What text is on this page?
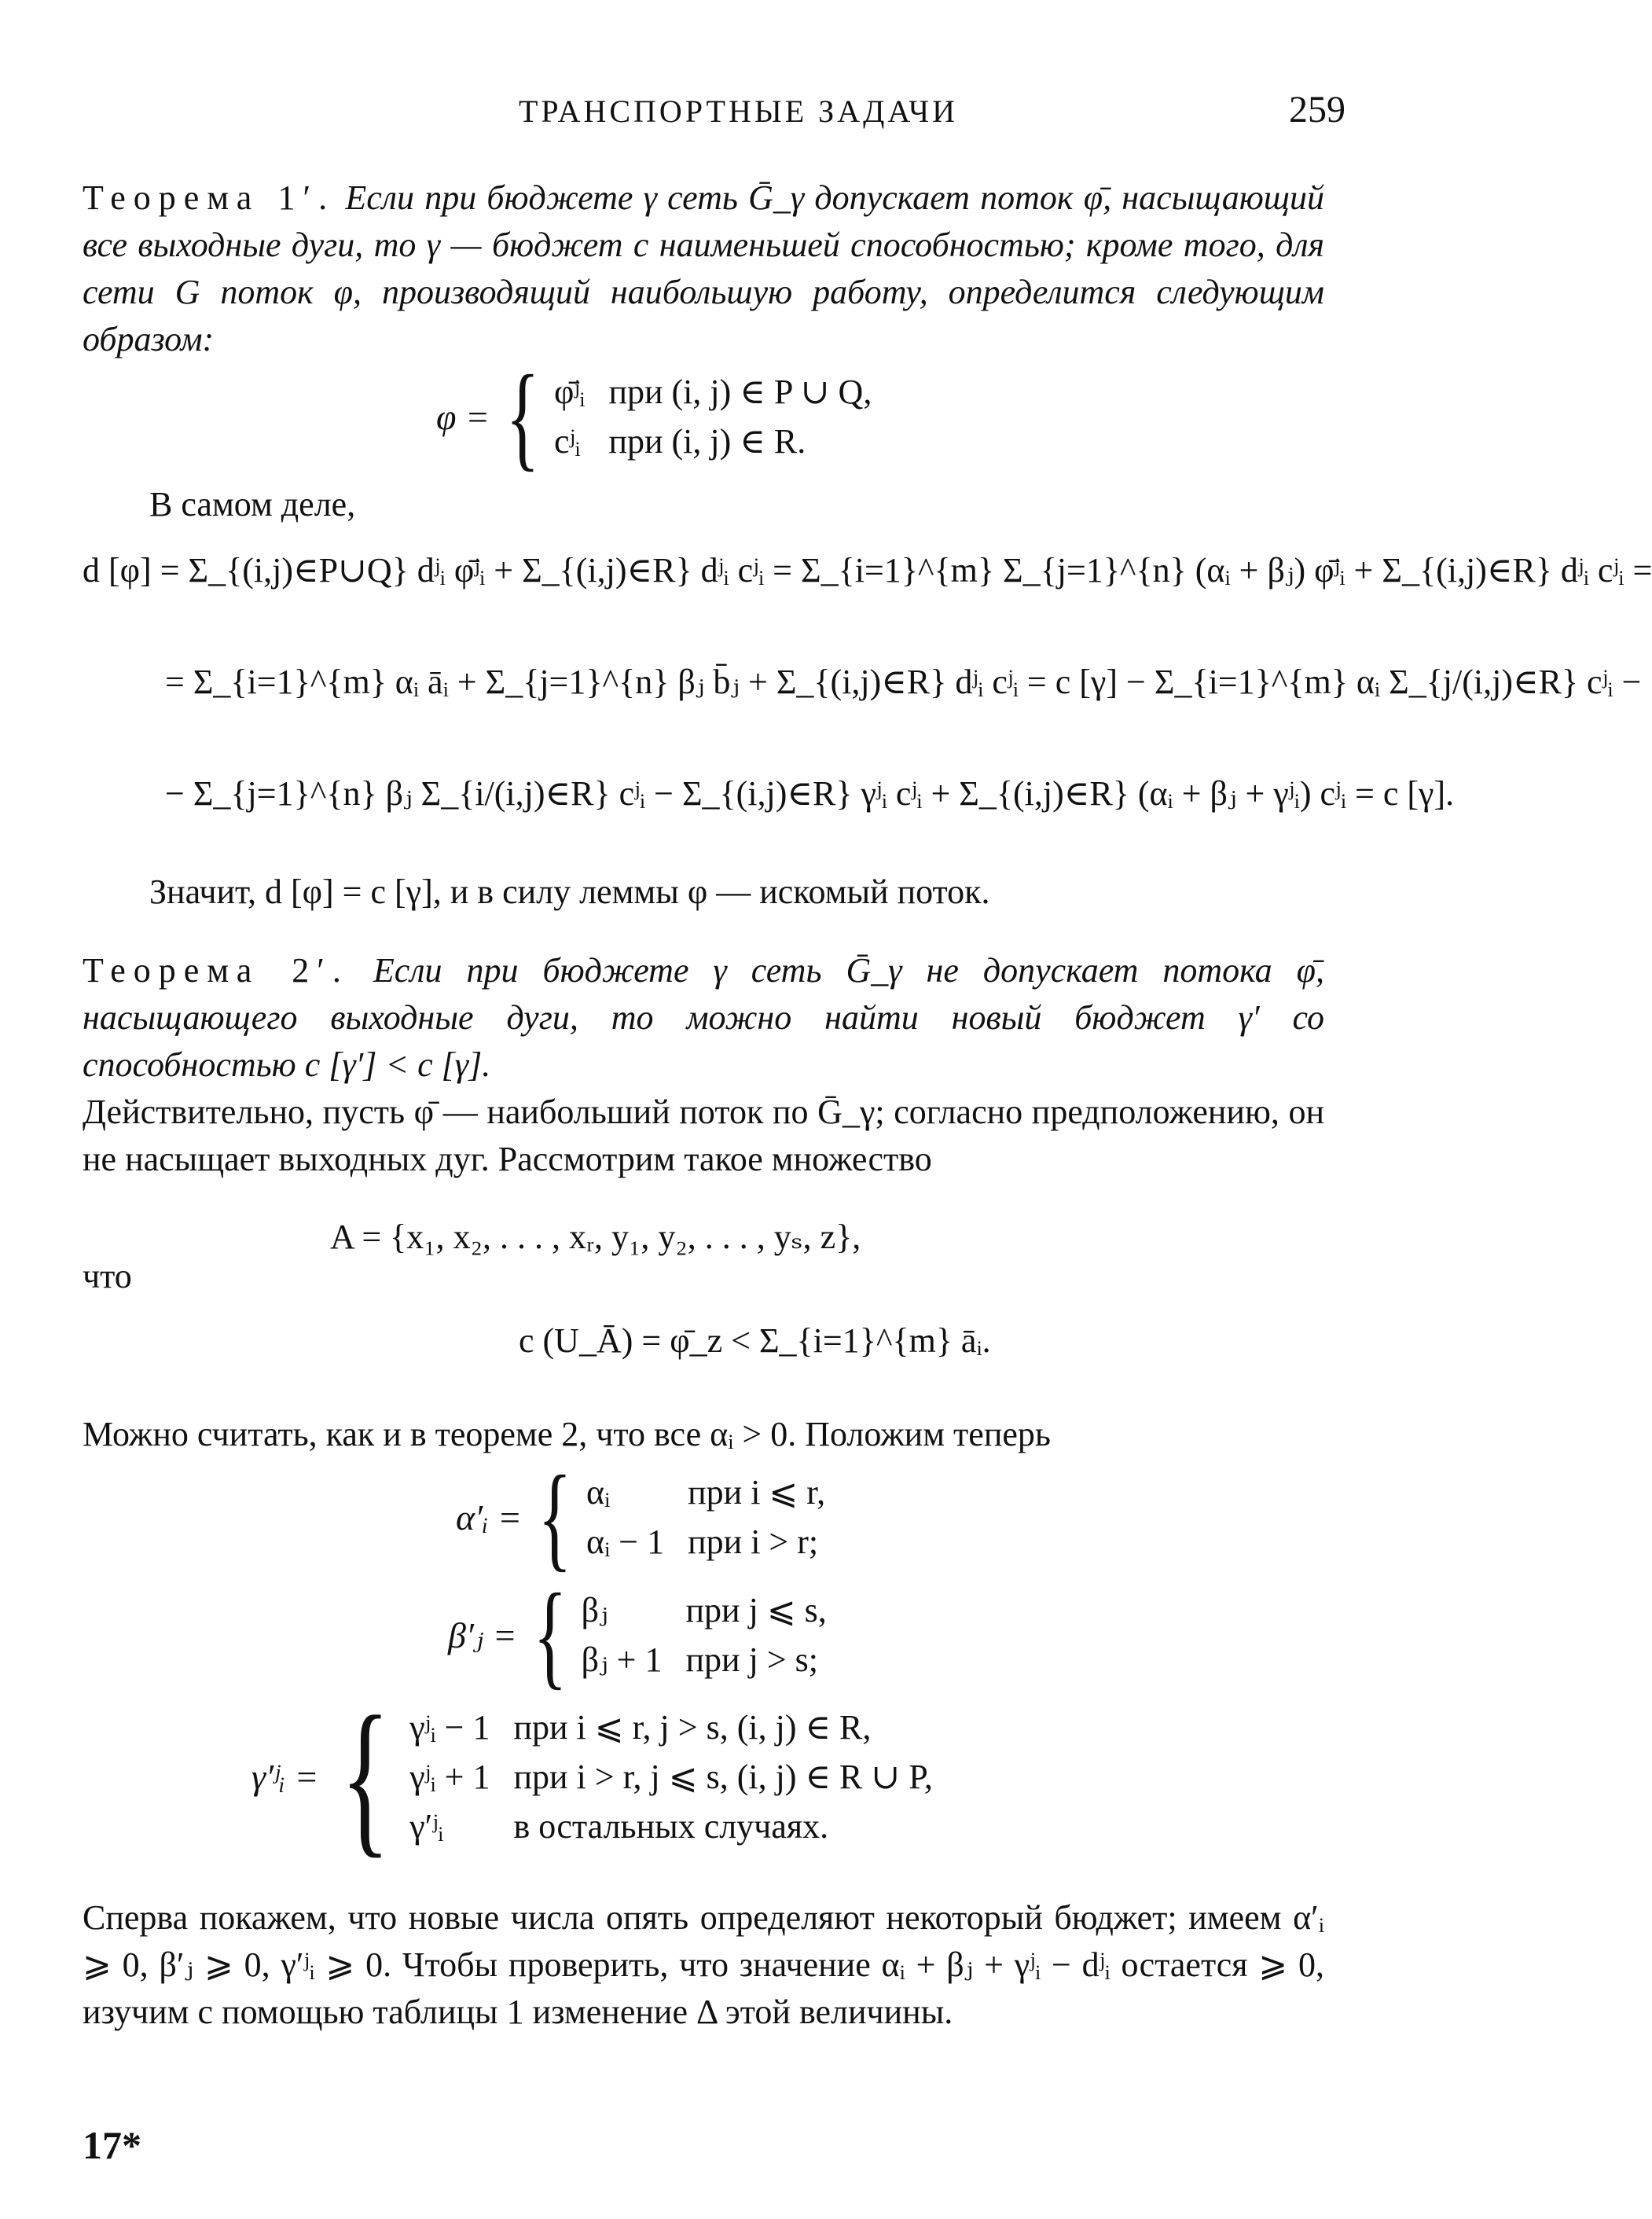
ТРАНСПОРТНЫЕ ЗАДАЧИ	259
Теорема 1′. Если при бюджете γ сеть Ḡ_γ допускает поток φ̄, насыщающий все выходные дуги, то γ — бюджет с наименьшей способностью; кроме того, для сети G поток φ, производящий наибольшую работу, определится следующим образом:
φ = { φ̄ʲᵢ	при (i, j) ∈ P ∪ Q,
cʲᵢ	при (i, j) ∈ R.
В самом деле,
d [φ] = Σ_{(i,j)∈P∪Q} dʲᵢ φ̄ʲᵢ + Σ_{(i,j)∈R} dʲᵢ cʲᵢ = Σ_{i=1}^{m} Σ_{j=1}^{n} (αᵢ + βⱼ) φ̄ʲᵢ + Σ_{(i,j)∈R} dʲᵢ cʲᵢ =
= Σ_{i=1}^{m} αᵢ āᵢ + Σ_{j=1}^{n} βⱼ b̄ⱼ + Σ_{(i,j)∈R} dʲᵢ cʲᵢ = c [γ] − Σ_{i=1}^{m} αᵢ Σ_{j/(i,j)∈R} cʲᵢ −
− Σ_{j=1}^{n} βⱼ Σ_{i/(i,j)∈R} cʲᵢ − Σ_{(i,j)∈R} γʲᵢ cʲᵢ + Σ_{(i,j)∈R} (αᵢ + βⱼ + γʲᵢ) cʲᵢ = c [γ].
Значит, d [φ] = c [γ], и в силу леммы φ — искомый поток.
Теорема 2′. Если при бюджете γ сеть Ḡ_γ не допускает потока φ̄, насыщающего выходные дуги, то можно найти новый бюджет γ′ со способностью c [γ′] < c [γ].
Действительно, пусть φ̄ — наибольший поток по Ḡ_γ; согласно предположению, он не насыщает выходных дуг. Рассмотрим такое множество
A = {x₁, x₂, . . . , xᵣ, y₁, y₂, . . . , yₛ, z},
что
c (U_Ā) = φ̄_z < Σ_{i=1}^{m} āᵢ.
Можно считать, как и в теореме 2, что все αᵢ > 0. Положим теперь
α′ᵢ = { αᵢ	при i ⩽ r,
αᵢ − 1	при i > r;
β′ⱼ = { βⱼ	при j ⩽ s,
βⱼ + 1	при j > s;
γ′ʲᵢ = { γʲᵢ − 1	при i ⩽ r, j > s, (i, j) ∈ R,
γʲᵢ + 1	при i > r, j ⩽ s, (i, j) ∈ R ∪ P,
γ′ʲᵢ	в остальных случаях.
Сперва покажем, что новые числа опять определяют некоторый бюджет; имеем α′ᵢ ⩾ 0, β′ⱼ ⩾ 0, γ′ʲᵢ ⩾ 0. Чтобы проверить, что значение αᵢ + βⱼ + γʲᵢ − dʲᵢ остается ⩾ 0, изучим с помощью таблицы 1 изменение Δ этой величины.
17*
